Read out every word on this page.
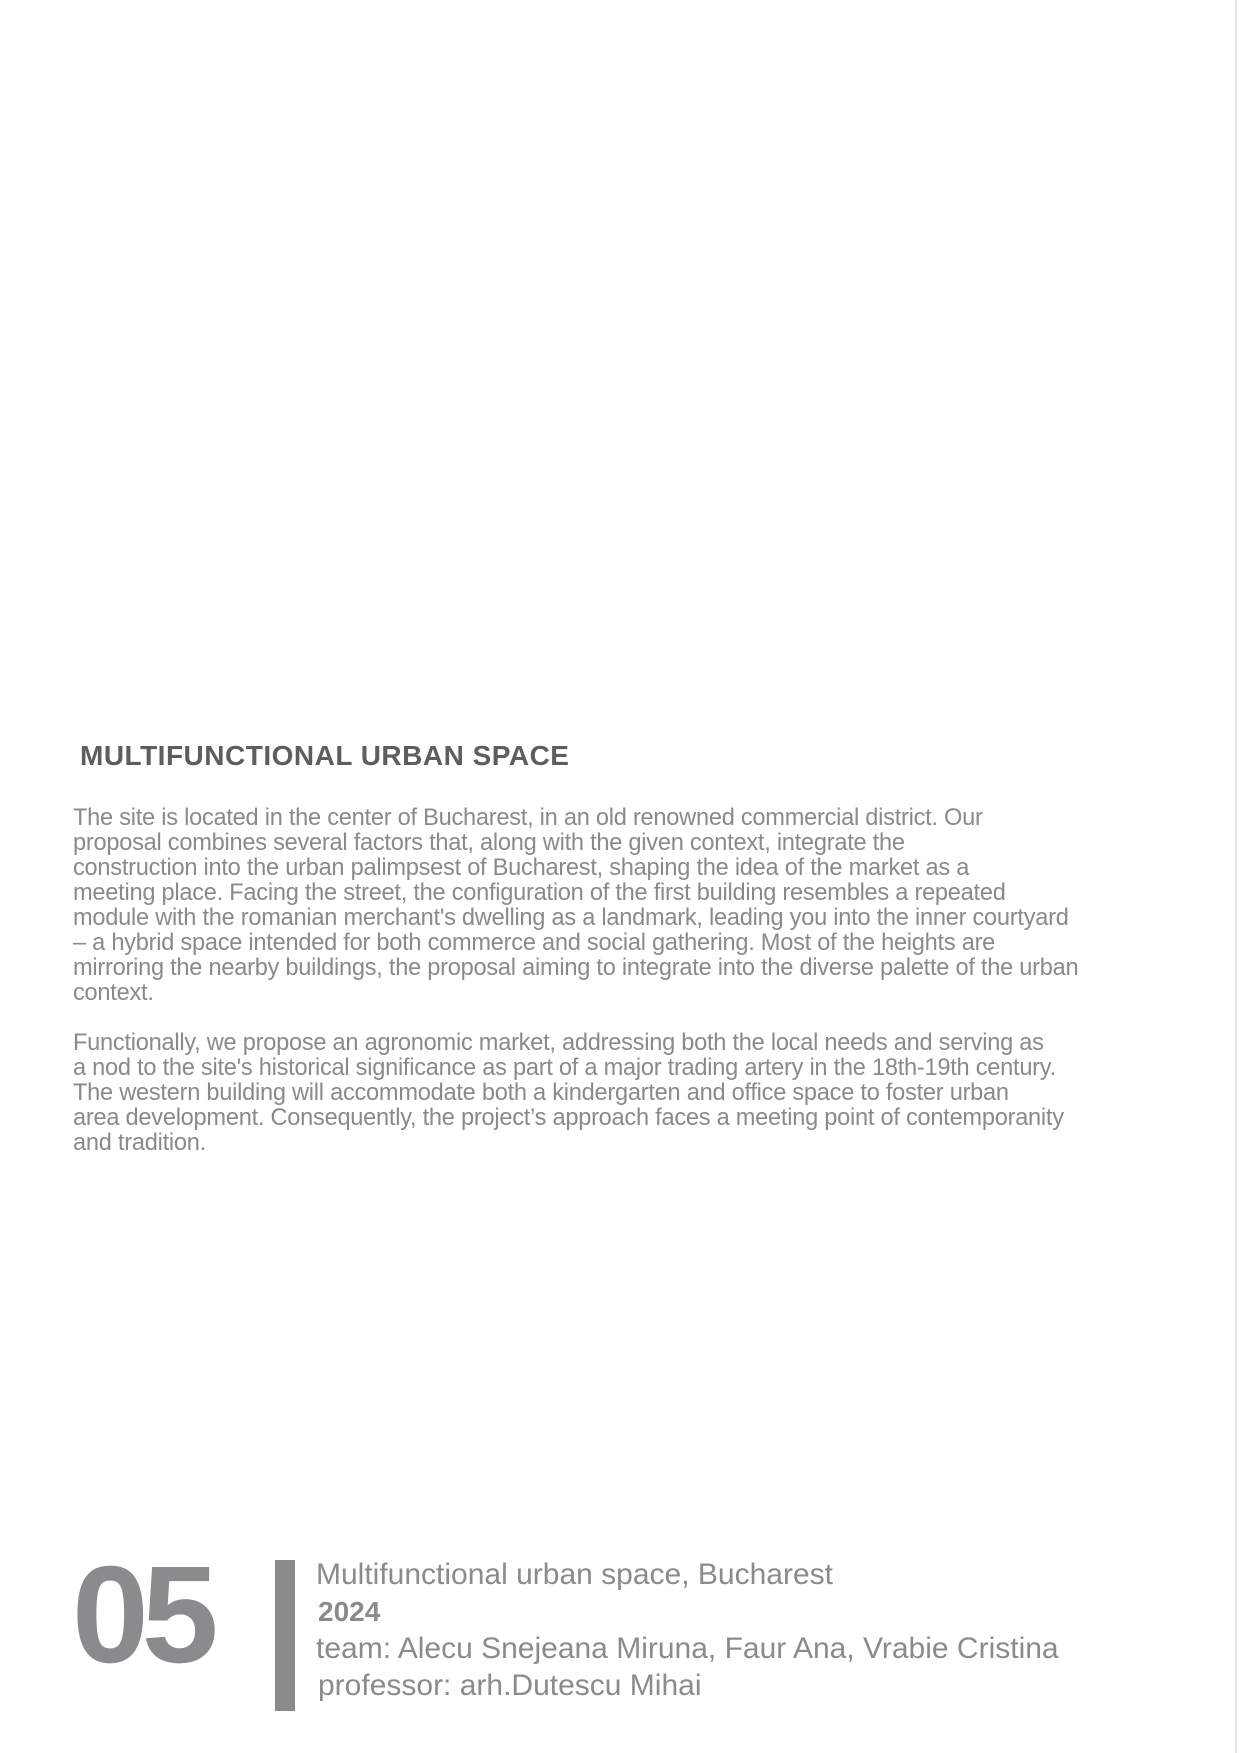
MULTIFUNCTIONAL URBAN SPACE
The site is located in the center of Bucharest, in an old renowned commercial district. Our
proposal combines several factors that, along with the given context, integrate the
construction into the urban palimpsest of Bucharest, shaping the idea of the market as a
meeting place. Facing the street, the configuration of the first building resembles a repeated
module with the romanian merchant's dwelling as a landmark, leading you into the inner courtyard
– a hybrid space intended for both commerce and social gathering. Most of the heights are
mirroring the nearby buildings, the proposal aiming to integrate into the diverse palette of the urban
context.
Functionally, we propose an agronomic market, addressing both the local needs and serving as
a nod to the site's historical significance as part of a major trading artery in the 18th-19th century.
The western building will accommodate both a kindergarten and office space to foster urban
area development. Consequently, the project’s approach faces a meeting point of contemporanity
and tradition.
05	Multifunctional urban space, Bucharest
2024
team: Alecu Snejeana Miruna, Faur Ana, Vrabie Cristina
professor: arh.Dutescu Mihai
